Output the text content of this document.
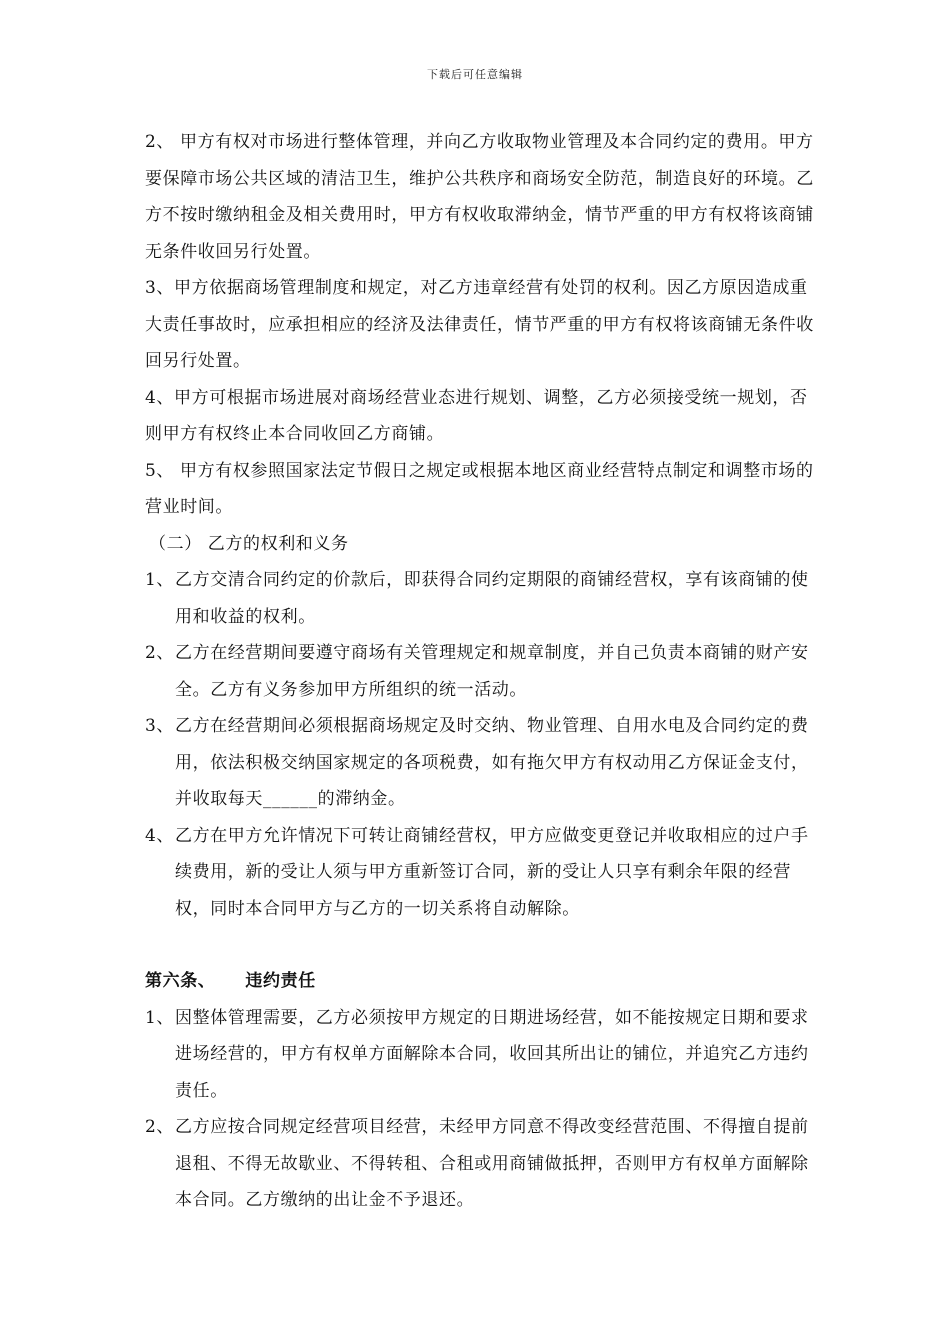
下载后可任意编辑

2、 甲方有权对市场进行整体管理，并向乙方收取物业管理及本合同约定的费用。甲方要保障市场公共区域的清洁卫生，维护公共秩序和商场安全防范，制造良好的环境。乙方不按时缴纳租金及相关费用时，甲方有权收取滞纳金，情节严重的甲方有权将该商铺无条件收回另行处置。

3、甲方依据商场管理制度和规定，对乙方违章经营有处罚的权利。因乙方原因造成重大责任事故时，应承担相应的经济及法律责任，情节严重的甲方有权将该商铺无条件收回另行处置。

4、甲方可根据市场进展对商场经营业态进行规划、调整，乙方必须接受统一规划，否则甲方有权终止本合同收回乙方商铺。

5、 甲方有权参照国家法定节假日之规定或根据本地区商业经营特点制定和调整市场的营业时间。

（二） 乙方的权利和义务

1、乙方交清合同约定的价款后，即获得合同约定期限的商铺经营权，享有该商铺的使用和收益的权利。

2、乙方在经营期间要遵守商场有关管理规定和规章制度，并自己负责本商铺的财产安全。乙方有义务参加甲方所组织的统一活动。

3、乙方在经营期间必须根据商场规定及时交纳、物业管理、自用水电及合同约定的费用，依法积极交纳国家规定的各项税费，如有拖欠甲方有权动用乙方保证金支付，并收取每天______的滞纳金。

4、乙方在甲方允许情况下可转让商铺经营权，甲方应做变更登记并收取相应的过户手续费用，新的受让人须与甲方重新签订合同，新的受让人只享有剩余年限的经营权，同时本合同甲方与乙方的一切关系将自动解除。

第六条、 违约责任

1、因整体管理需要，乙方必须按甲方规定的日期进场经营，如不能按规定日期和要求进场经营的，甲方有权单方面解除本合同，收回其所出让的铺位，并追究乙方违约责任。

2、乙方应按合同规定经营项目经营，未经甲方同意不得改变经营范围、不得擅自提前退租、不得无故歇业、不得转租、合租或用商铺做抵押，否则甲方有权单方面解除本合同。乙方缴纳的出让金不予退还。
